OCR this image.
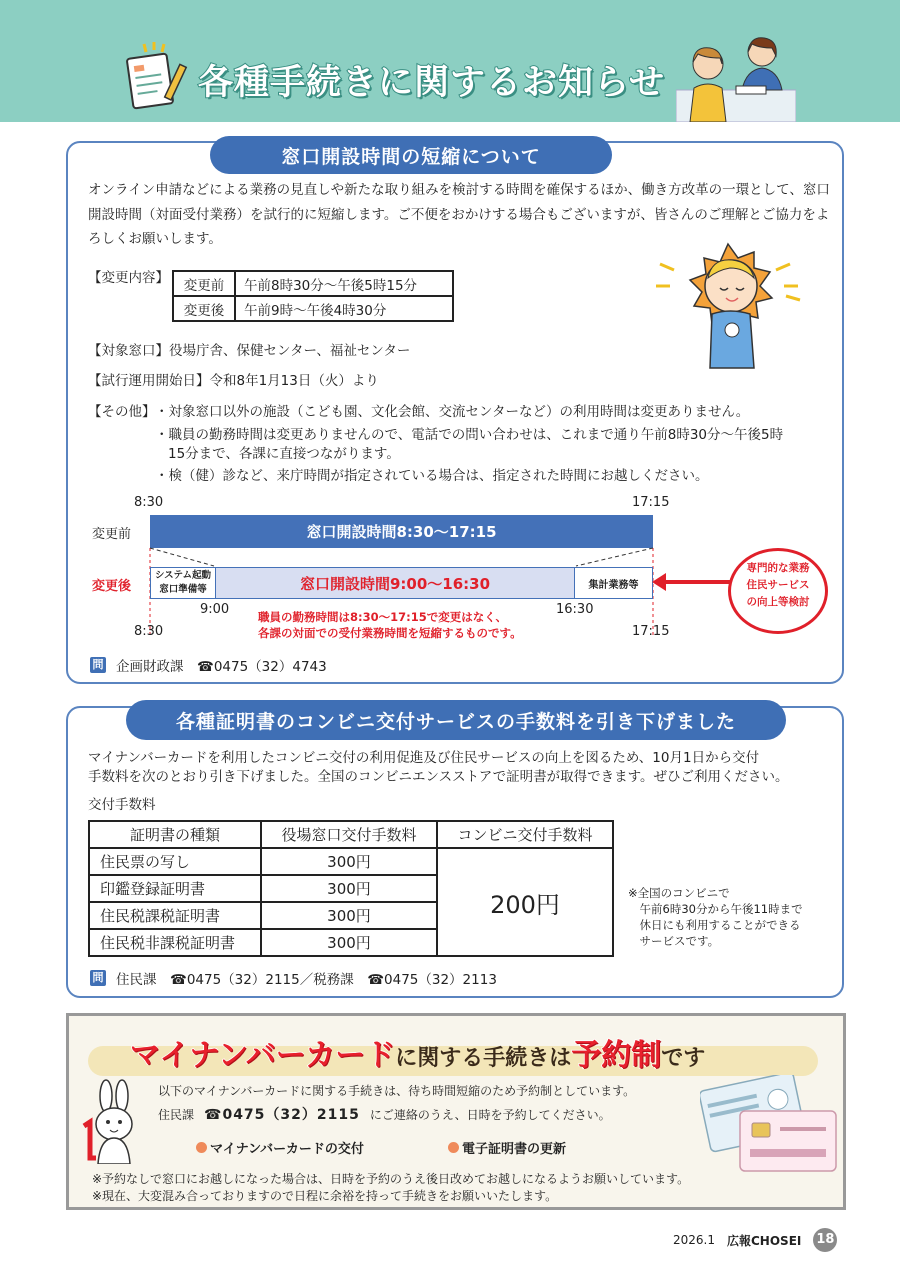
各種手続きに関するお知らせ
窓口開設時間の短縮について
オンライン申請などによる業務の見直しや新たな取り組みを検討する時間を確保するほか、働き方改革の一環として、窓口開設時間（対面受付業務）を試行的に短縮します。ご不便をおかけする場合もございますが、皆さんのご理解とご協力をよろしくお願いします。
【変更内容】 変更前	午前8時30分～午後5時15分
変更後	午前9時～午後4時30分
【対象窓口】役場庁舎、保健センター、福祉センター
【試行運用開始日】令和8年1月13日（火）より
【その他】 ・対象窓口以外の施設（こども園、文化会館、交流センターなど）の利用時間は変更ありません。
・職員の勤務時間は変更ありませんので、電話での問い合わせは、これまで通り午前8時30分～午後5時
15分まで、各課に直接つながります。
・検（健）診など、来庁時間が指定されている場合は、指定された時間にお越しください。
8:30	17:15
変更前	窓口開設時間8:30～17:15
変更後
システム起動
窓口準備等	窓口開設時間9:00～16:30	集計業務等
9:00	16:30
8:30	17:15
職員の勤務時間は8:30～17:15で変更はなく、
各課の対面での受付業務時間を短縮するものです。
専門的な業務
住民サービス
の向上等検討
問 企画財政課　☎0475（32）4743
各種証明書のコンビニ交付サービスの手数料を引き下げました
マイナンバーカードを利用したコンビニ交付の利用促進及び住民サービスの向上を図るため、10月1日から交付
手数料を次のとおり引き下げました。全国のコンビニエンスストアで証明書が取得できます。ぜひご利用ください。
交付手数料
証明書の種類	役場窓口交付手数料	コンビニ交付手数料
住民票の写し	300円	200円
印鑑登録証明書	300円	
住民税課税証明書	300円	
住民税非課税証明書	300円	
※全国のコンビニで
　午前6時30分から午後11時まで
　休日にも利用することができる
　サービスです。
問 住民課　☎0475（32）2115／税務課　☎0475（32）2113
マイナンバーカードに関する手続きは予約制です
以下のマイナンバーカードに関する手続きは、待ち時間短縮のため予約制としています。
住民課 ☎0475（32）2115 にご連絡のうえ、日時を予約してください。
マイナンバーカードの交付	電子証明書の更新
※予約なしで窓口にお越しになった場合は、日時を予約のうえ後日改めてお越しになるようお願いしています。
※現在、大変混み合っておりますので日程に余裕を持って手続きをお願いいたします。
2026.1 広報CHOSEI 18
